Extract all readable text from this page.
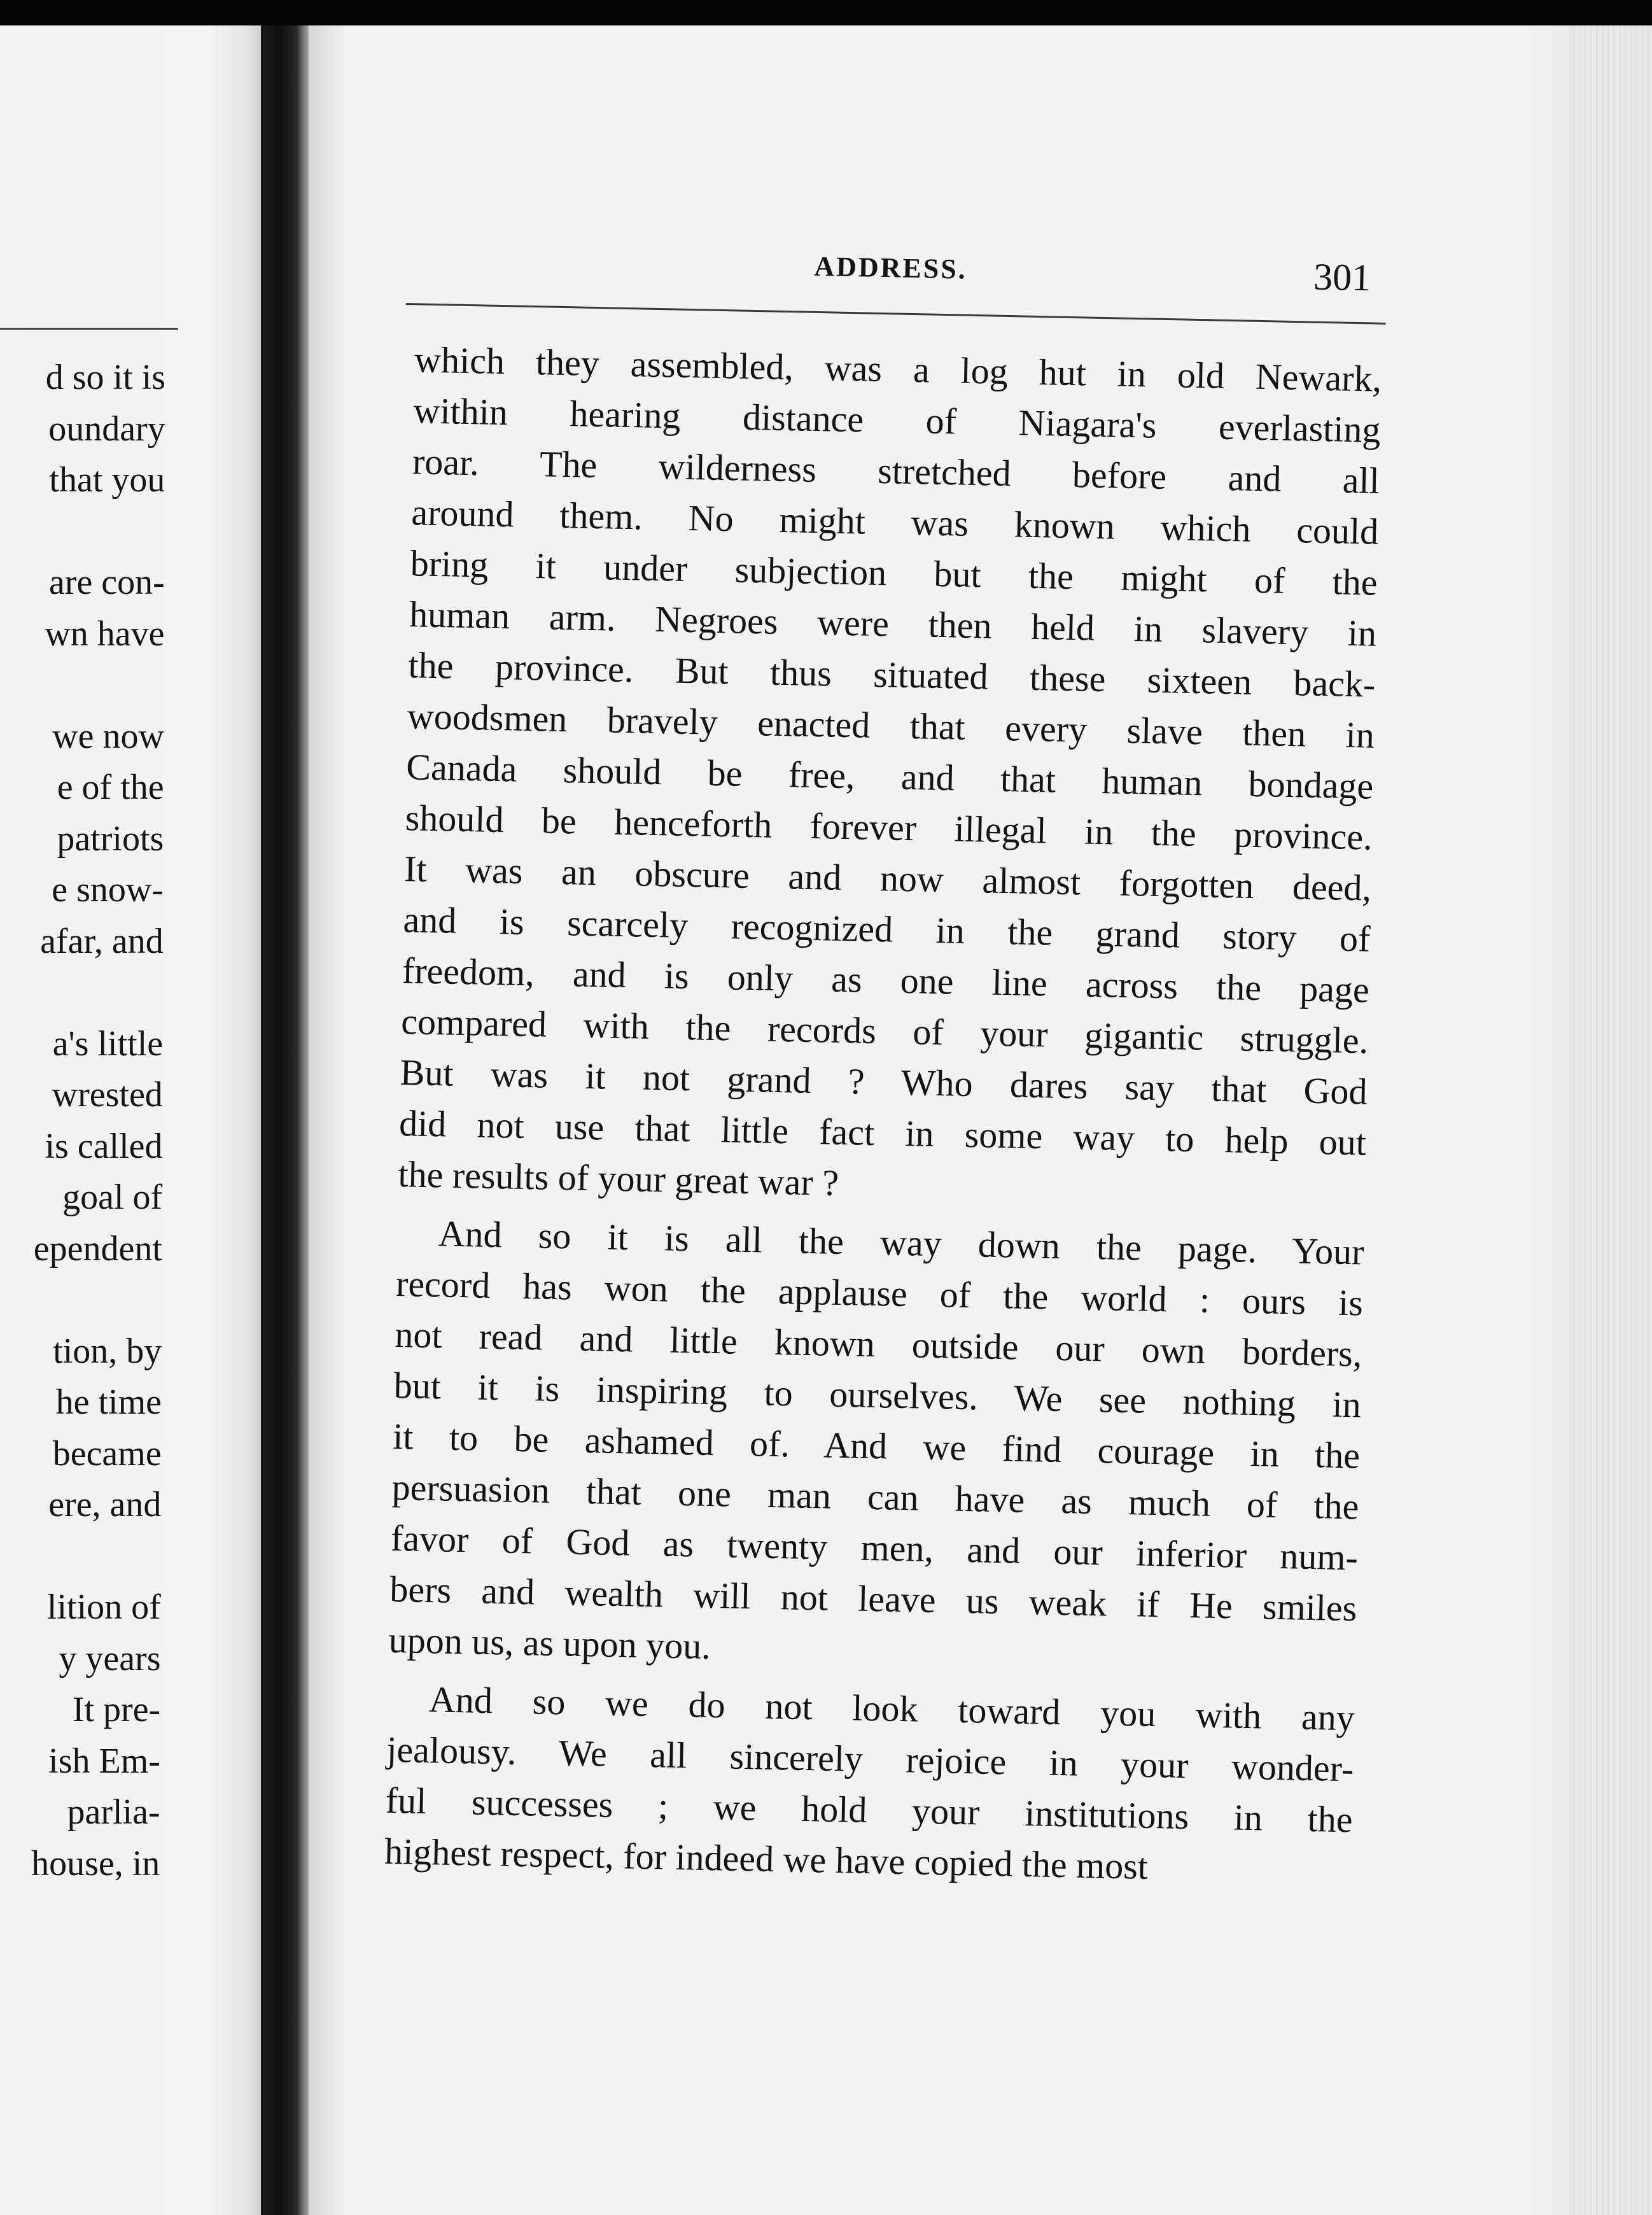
d so it is
oundary
that you
are con-
wn have
we now
e of the
patriots
e snow-
afar, and
a's little
wrested
is called
goal of
ependent
tion, by
he time
became
ere, and
lition of
y years
It pre-
ish Em-
parlia-
house, in
ADDRESS.	301
which they assembled, was a log hut in old Newark,
within hearing distance of Niagara's everlasting
roar. The wilderness stretched before and all
around them. No might was known which could
bring it under subjection but the might of the
human arm. Negroes were then held in slavery in
the province. But thus situated these sixteen back-
woodsmen bravely enacted that every slave then in
Canada should be free, and that human bondage
should be henceforth forever illegal in the province.
It was an obscure and now almost forgotten deed,
and is scarcely recognized in the grand story of
freedom, and is only as one line across the page
compared with the records of your gigantic struggle.
But was it not grand ? Who dares say that God
did not use that little fact in some way to help out
the results of your great war ?
And so it is all the way down the page. Your
record has won the applause of the world : ours is
not read and little known outside our own borders,
but it is inspiring to ourselves. We see nothing in
it to be ashamed of. And we find courage in the
persuasion that one man can have as much of the
favor of God as twenty men, and our inferior num-
bers and wealth will not leave us weak if He smiles
upon us, as upon you.
And so we do not look toward you with any
jealousy. We all sincerely rejoice in your wonder-
ful successes ; we hold your institutions in the
highest respect, for indeed we have copied the most
